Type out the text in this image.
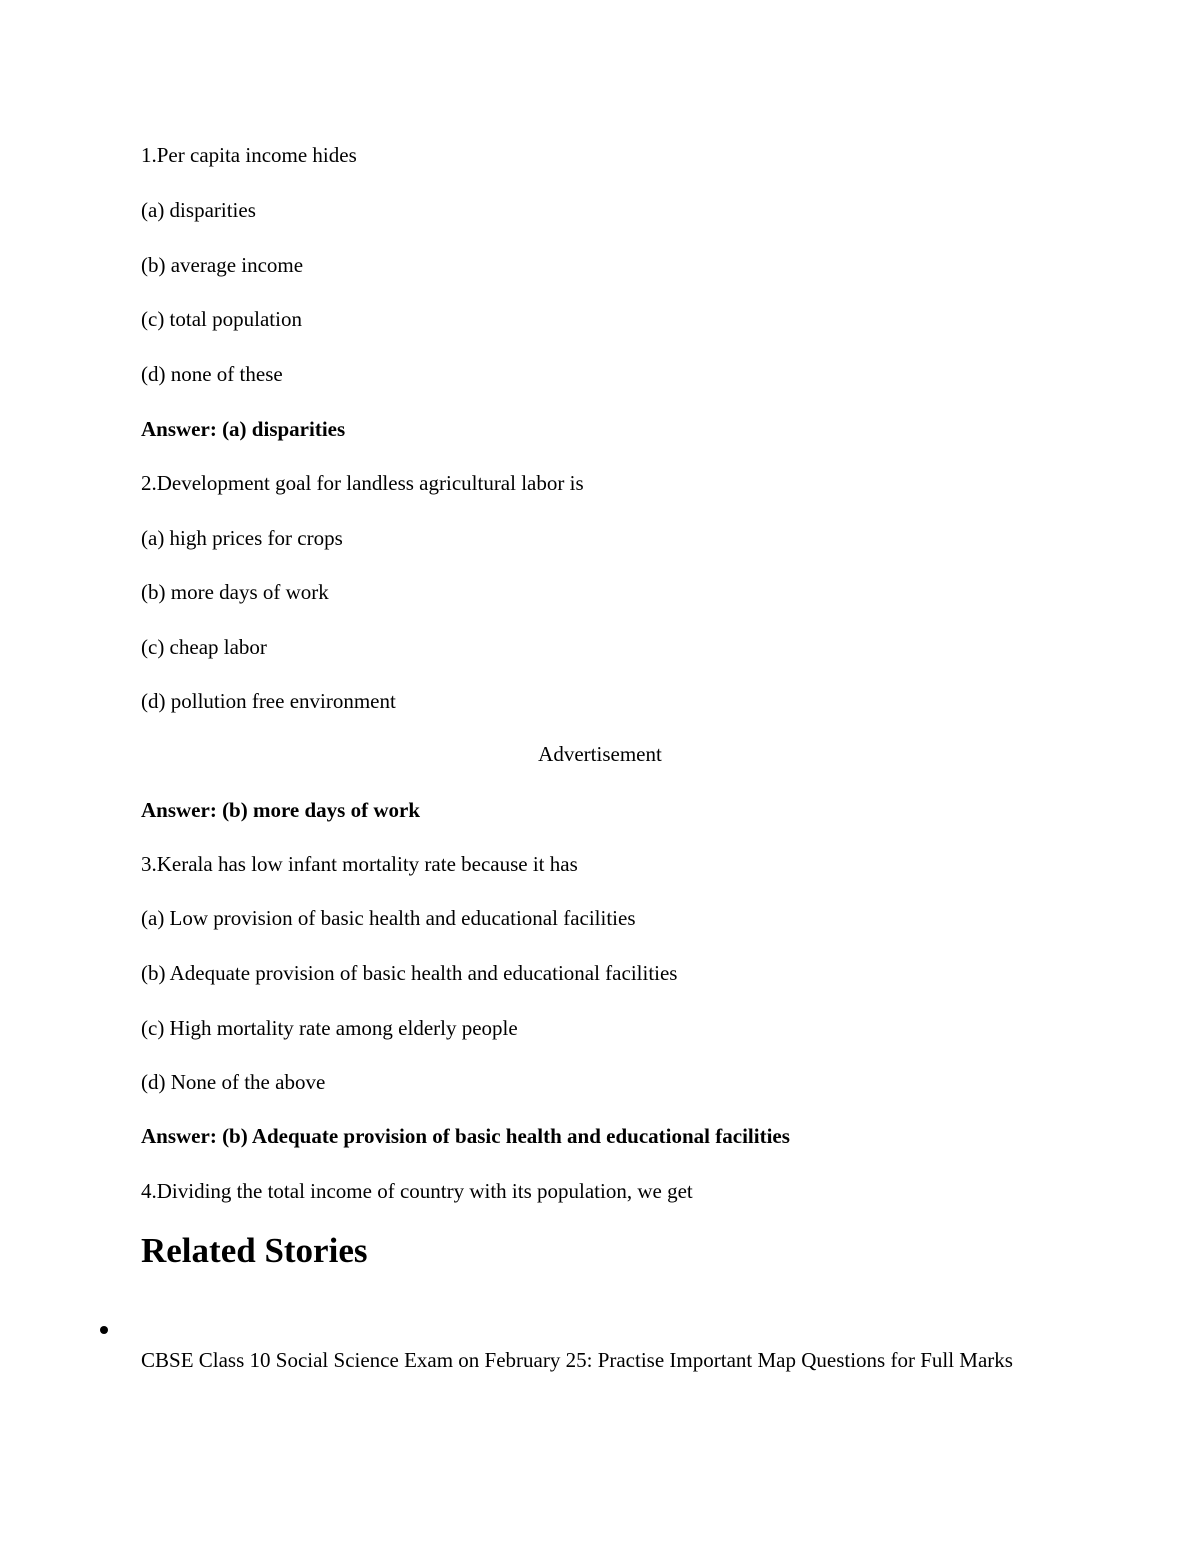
1.Per capita income hides
(a) disparities
(b) average income
(c) total population
(d) none of these
Answer: (a) disparities
2.Development goal for landless agricultural labor is
(a) high prices for crops
(b) more days of work
(c) cheap labor
(d) pollution free environment
Advertisement
Answer: (b) more days of work
3.Kerala has low infant mortality rate because it has
(a) Low provision of basic health and educational facilities
(b) Adequate provision of basic health and educational facilities
(c) High mortality rate among elderly people
(d) None of the above
Answer: (b) Adequate provision of basic health and educational facilities
4.Dividing the total income of country with its population, we get
Related Stories
CBSE Class 10 Social Science Exam on February 25: Practise Important Map Questions for Full Marks
